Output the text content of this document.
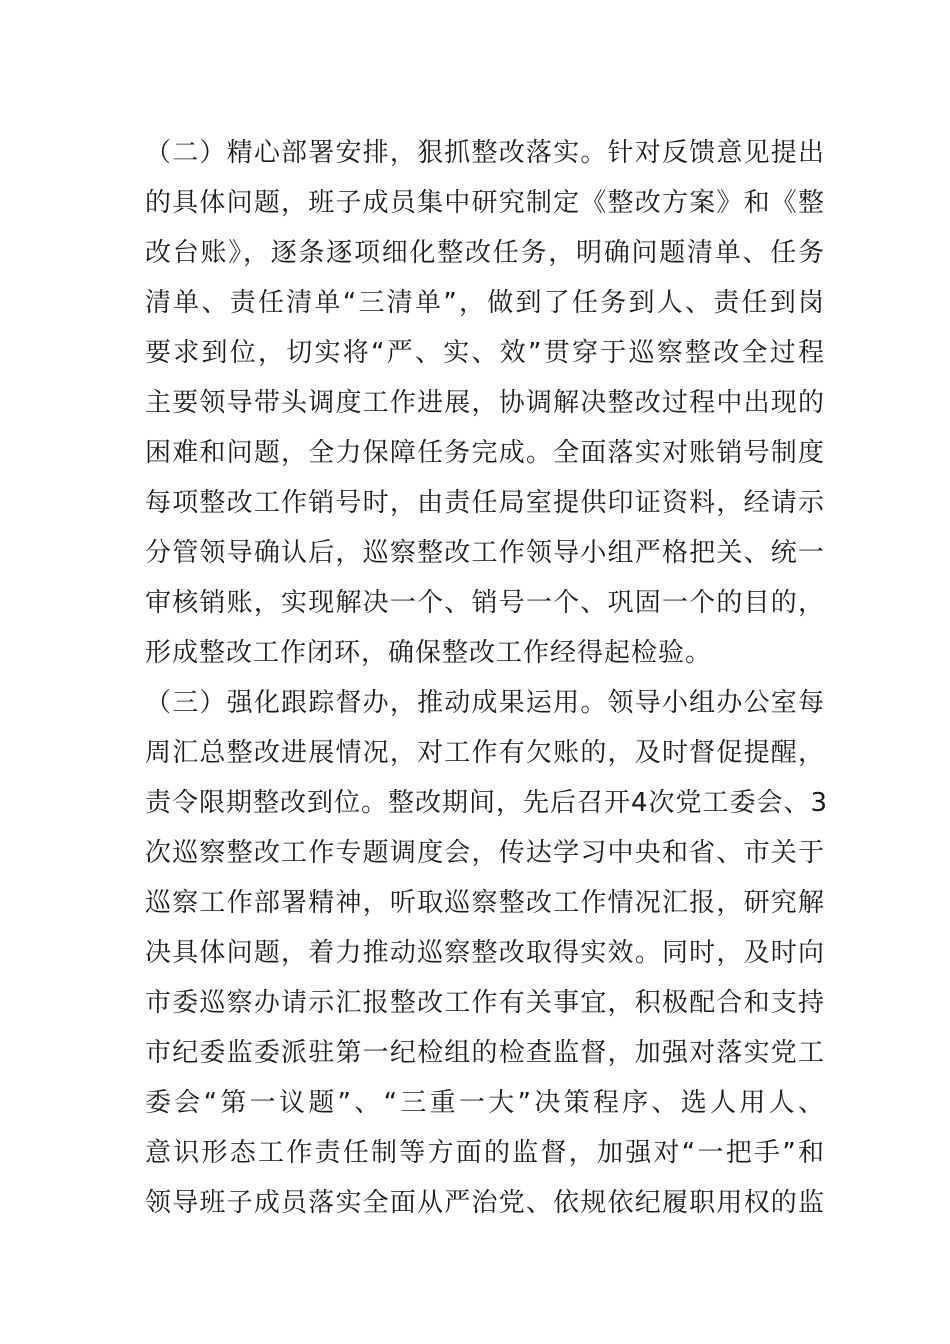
（二）精心部署安排，狠抓整改落实。针对反馈意见提出
的具体问题，班子成员集中研究制定《整改方案》和《整
改台账》，逐条逐项细化整改任务，明确问题清单、任务
清单、责任清单“三清单”，做到了任务到人、责任到岗
要求到位，切实将“严、实、效”贯穿于巡察整改全过程
主要领导带头调度工作进展，协调解决整改过程中出现的
困难和问题，全力保障任务完成。全面落实对账销号制度
每项整改工作销号时，由责任局室提供印证资料，经请示
分管领导确认后，巡察整改工作领导小组严格把关、统一
审核销账，实现解决一个、销号一个、巩固一个的目的，
形成整改工作闭环，确保整改工作经得起检验。
（三）强化跟踪督办，推动成果运用。领导小组办公室每
周汇总整改进展情况，对工作有欠账的，及时督促提醒，
责令限期整改到位。整改期间，先后召开4次党工委会、3
次巡察整改工作专题调度会，传达学习中央和省、市关于
巡察工作部署精神，听取巡察整改工作情况汇报，研究解
决具体问题，着力推动巡察整改取得实效。同时，及时向
市委巡察办请示汇报整改工作有关事宜，积极配合和支持
市纪委监委派驻第一纪检组的检查监督，加强对落实党工
委会“第一议题”、“三重一大”决策程序、选人用人、
意识形态工作责任制等方面的监督，加强对“一把手”和
领导班子成员落实全面从严治党、依规依纪履职用权的监
